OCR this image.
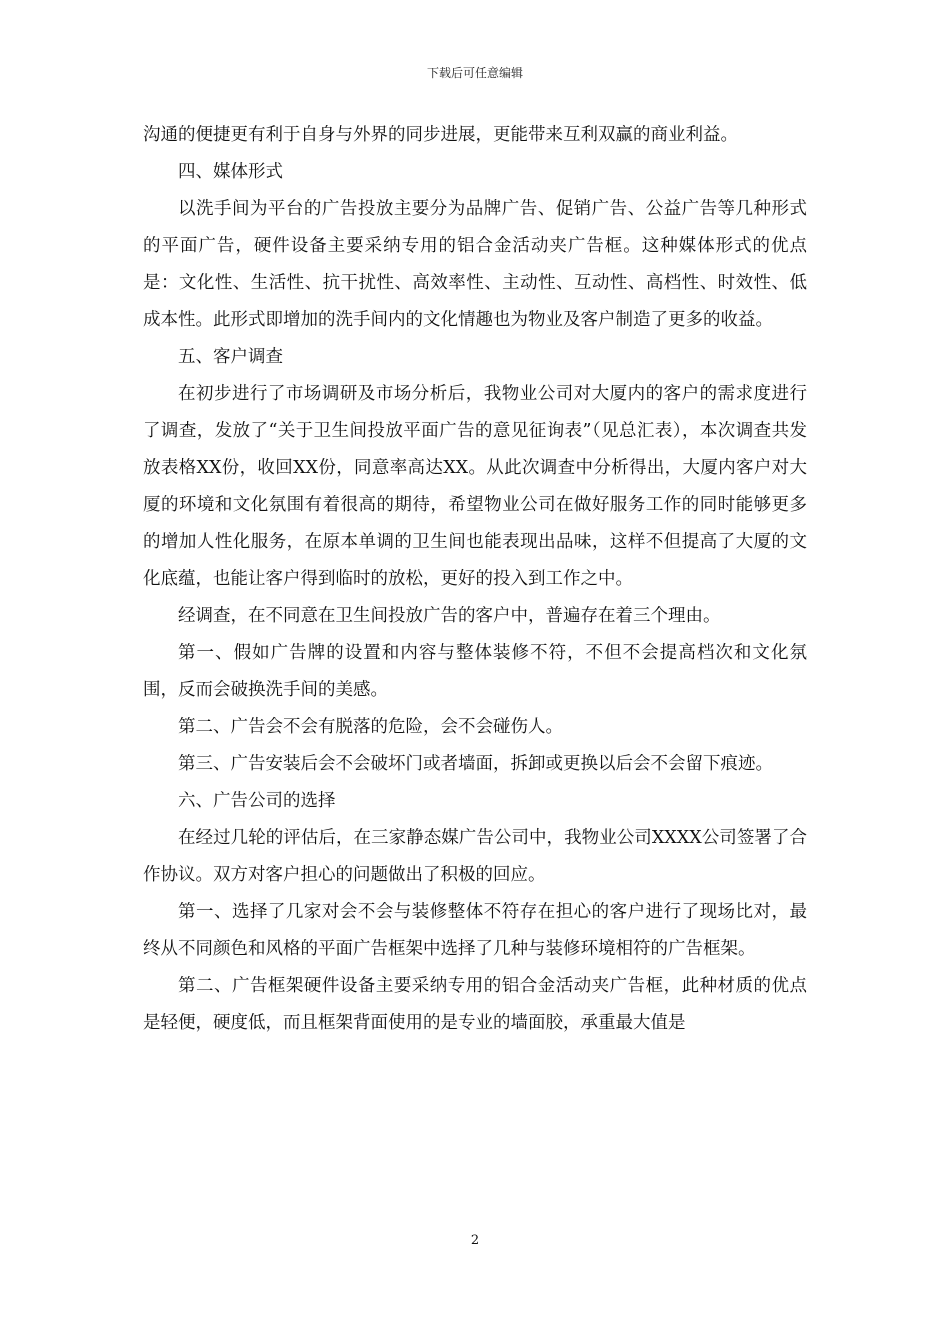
下载后可任意编辑

沟通的便捷更有利于自身与外界的同步进展，更能带来互利双赢的商业利益。

四、媒体形式

以洗手间为平台的广告投放主要分为品牌广告、促销广告、公益广告等几种形式的平面广告，硬件设备主要采纳专用的铝合金活动夹广告框。这种媒体形式的优点是：文化性、生活性、抗干扰性、高效率性、主动性、互动性、高档性、时效性、低成本性。此形式即增加的洗手间内的文化情趣也为物业及客户制造了更多的收益。

五、客户调查

在初步进行了市场调研及市场分析后，我物业公司对大厦内的客户的需求度进行了调查，发放了“关于卫生间投放平面广告的意见征询表”（见总汇表），本次调查共发放表格XX份，收回XX份，同意率高达XX。从此次调查中分析得出，大厦内客户对大厦的环境和文化氛围有着很高的期待，希望物业公司在做好服务工作的同时能够更多的增加人性化服务，在原本单调的卫生间也能表现出品味，这样不但提高了大厦的文化底蕴，也能让客户得到临时的放松，更好的投入到工作之中。

经调查，在不同意在卫生间投放广告的客户中，普遍存在着三个理由。

第一、假如广告牌的设置和内容与整体装修不符，不但不会提高档次和文化氛围，反而会破换洗手间的美感。

第二、广告会不会有脱落的危险，会不会碰伤人。

第三、广告安装后会不会破坏门或者墙面，拆卸或更换以后会不会留下痕迹。

六、广告公司的选择

在经过几轮的评估后，在三家静态媒广告公司中，我物业公司XXXX公司签署了合作协议。双方对客户担心的问题做出了积极的回应。

第一、选择了几家对会不会与装修整体不符存在担心的客户进行了现场比对，最终从不同颜色和风格的平面广告框架中选择了几种与装修环境相符的广告框架。

第二、广告框架硬件设备主要采纳专用的铝合金活动夹广告框，此种材质的优点是轻便，硬度低，而且框架背面使用的是专业的墙面胶，承重最大值是

2
